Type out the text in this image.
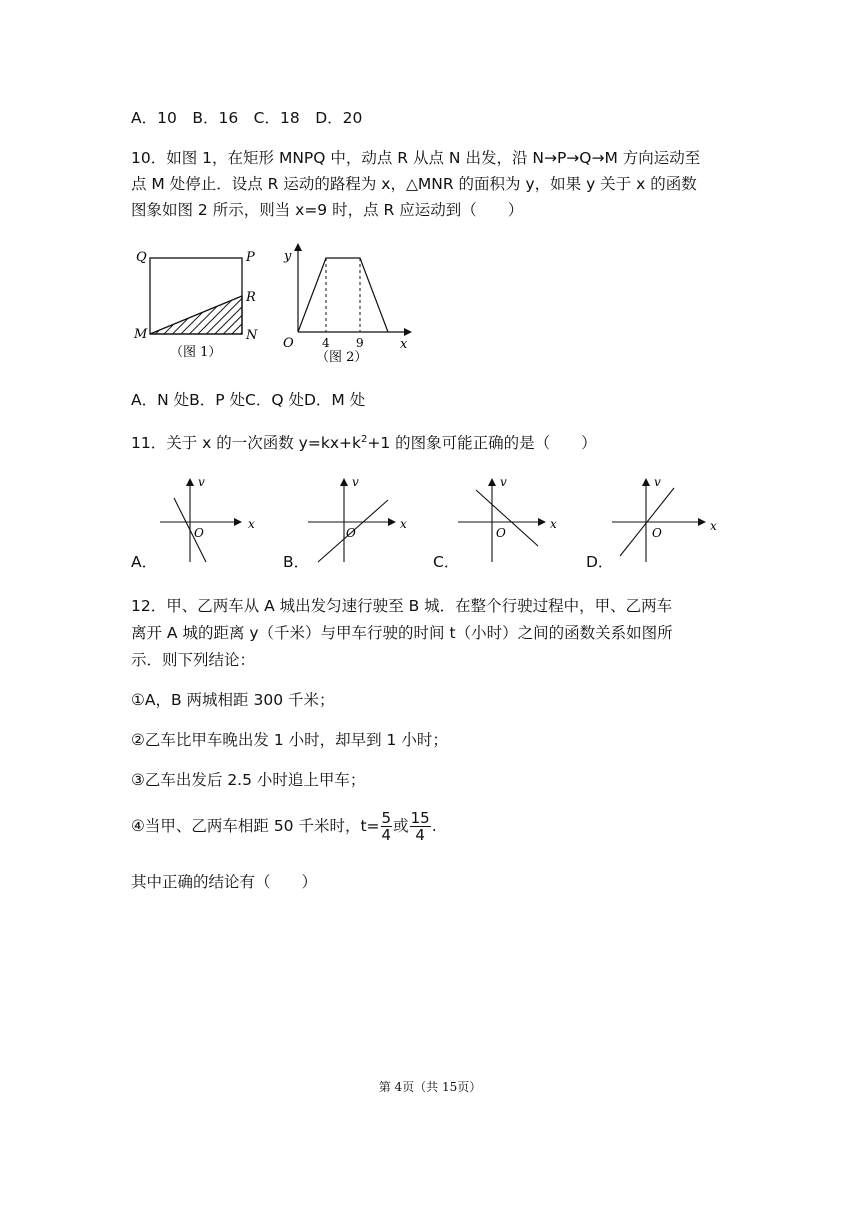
A．10　B．16　C．18　D．20
10．如图 1，在矩形 MNPQ 中，动点 R 从点 N 出发，沿 N→P→Q→M 方向运动至
点 M 处停止．设点 R 运动的路程为 x，△MNR 的面积为 y，如果 y 关于 x 的函数
图象如图 2 所示，则当 x=9 时，点 R 应运动到（　　）
Q	P
R
M	N
（图 1）
y
x
O 4 9
（图 2）
A．N 处B．P 处C．Q 处D．M 处
11．关于 x 的一次函数 $y=kx+k^2+1$ 的图象可能正确的是（　　）
v
x
O
v
x
O
v
x
O
v
x
O
A．	B．	C．	D．
12．甲、乙两车从 A 城出发匀速行驶至 B 城．在整个行驶过程中，甲、乙两车
离开 A 城的距离 y（千米）与甲车行驶的时间 t（小时）之间的函数关系如图所
示．则下列结论：
①A，B 两城相距 300 千米；
②乙车比甲车晚出发 1 小时，却早到 1 小时；
③乙车出发后 2.5 小时追上甲车；
④当甲、乙两车相距 50 千米时，$t= \frac{5}{4}$ 或 $\frac{15}{4}$ .
其中正确的结论有（　　）
第 4页（共 15页）
